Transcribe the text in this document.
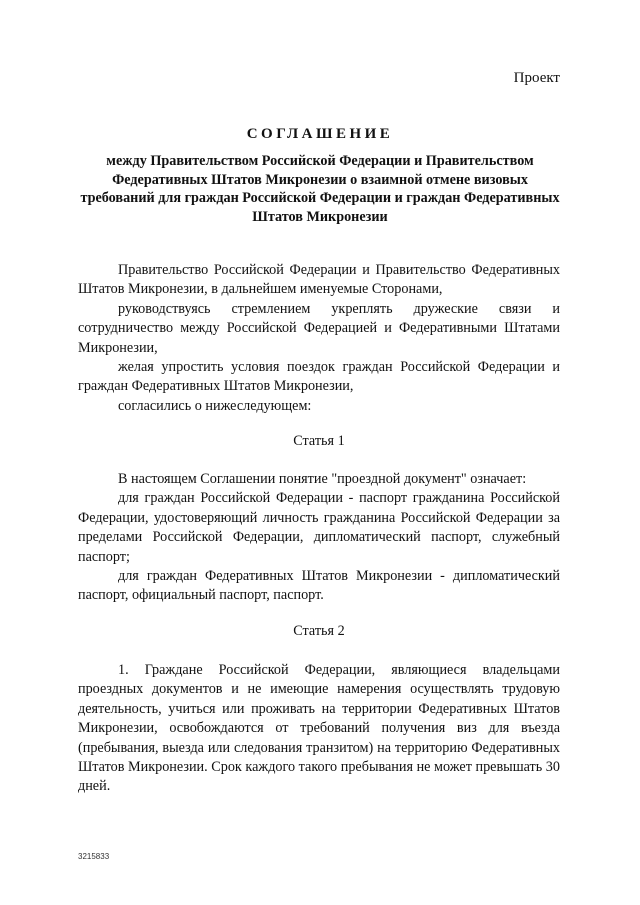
Проект
СОГЛАШЕНИЕ
между Правительством Российской Федерации и Правительством Федеративных Штатов Микронезии о взаимной отмене визовых требований для граждан Российской Федерации и граждан Федеративных Штатов Микронезии

Правительство Российской Федерации и Правительство Федеративных Штатов Микронезии, в дальнейшем именуемые Сторонами,

руководствуясь стремлением укреплять дружеские связи и сотрудничество между Российской Федерацией и Федеративными Штатами Микронезии,

желая упростить условия поездок граждан Российской Федерации и граждан Федеративных Штатов Микронезии,

согласились о нижеследующем:

Статья 1

В настоящем Соглашении понятие "проездной документ" означает:

для граждан Российской Федерации - паспорт гражданина Российской Федерации, удостоверяющий личность гражданина Российской Федерации за пределами Российской Федерации, дипломатический паспорт, служебный паспорт;

для граждан Федеративных Штатов Микронезии - дипломатический паспорт, официальный паспорт, паспорт.

Статья 2

1. Граждане Российской Федерации, являющиеся владельцами проездных документов и не имеющие намерения осуществлять трудовую деятельность, учиться или проживать на территории Федеративных Штатов Микронезии, освобождаются от требований получения виз для въезда (пребывания, выезда или следования транзитом) на территорию Федеративных Штатов Микронезии. Срок каждого такого пребывания не может превышать 30 дней.

3215833
